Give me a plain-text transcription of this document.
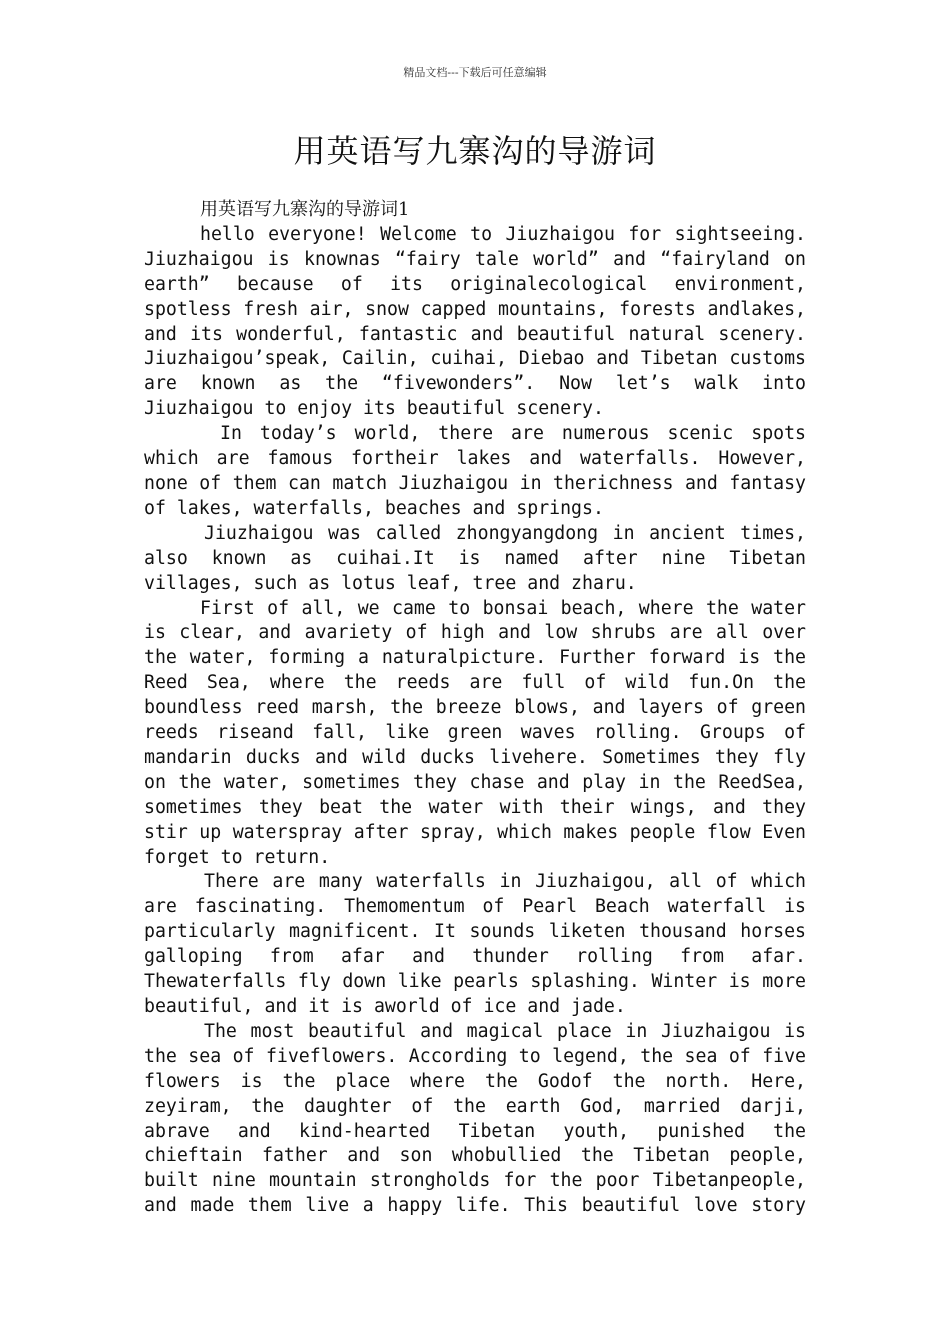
精品文档---下载后可任意编辑
用英语写九寨沟的导游词
用英语写九寨沟的导游词1

hello everyone! Welcome to Jiuzhaigou for sightseeing. Jiuzhaigou is knownas “fairy tale world” and “fairyland on earth” because of its originalecological environment, spotless fresh air, snow capped mountains, forests andlakes, and its wonderful, fantastic and beautiful natural scenery. Jiuzhaigou’speak, Cailin, cuihai, Diebao and Tibetan customs are known as the “fivewonders”. Now let’s walk into Jiuzhaigou to enjoy its beautiful scenery.

In today’s world, there are numerous scenic spots which are famous fortheir lakes and waterfalls. However, none of them can match Jiuzhaigou in therichness and fantasy of lakes, waterfalls, beaches and springs.

Jiuzhaigou was called zhongyangdong in ancient times, also known as cuihai.It is named after nine Tibetan villages, such as lotus leaf, tree and zharu.

First of all, we came to bonsai beach, where the water is clear, and avariety of high and low shrubs are all over the water, forming a naturalpicture. Further forward is the Reed Sea, where the reeds are full of wild fun.On the boundless reed marsh, the breeze blows, and layers of green reeds riseand fall, like green waves rolling. Groups of mandarin ducks and wild ducks livehere. Sometimes they fly on the water, sometimes they chase and play in the ReedSea, sometimes they beat the water with their wings, and they stir up waterspray after spray, which makes people flow Even forget to return.

There are many waterfalls in Jiuzhaigou, all of which are fascinating. Themomentum of Pearl Beach waterfall is particularly magnificent. It sounds liketen thousand horses galloping from afar and thunder rolling from afar. Thewaterfalls fly down like pearls splashing. Winter is more beautiful, and it is aworld of ice and jade.

The most beautiful and magical place in Jiuzhaigou is the sea of fiveflowers. According to legend, the sea of five flowers is the place where the Godof the north. Here, zeyiram, the daughter of the earth God, married darji, abrave and kind-hearted Tibetan youth, punished the chieftain father and son whobullied the Tibetan people, built nine mountain strongholds for the poor Tibetanpeople, and made them live a happy life. This beautiful love story
